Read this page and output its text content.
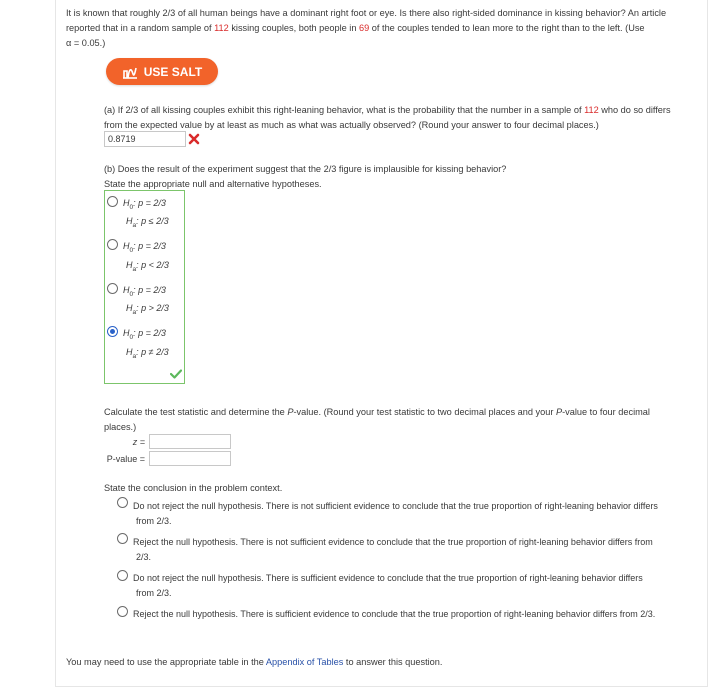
It is known that roughly 2/3 of all human beings have a dominant right foot or eye. Is there also right-sided dominance in kissing behavior? An article reported that in a random sample of 112 kissing couples, both people in 69 of the couples tended to lean more to the right than to the left. (Use
α = 0.05.)
USE SALT
(a) If 2/3 of all kissing couples exhibit this right-leaning behavior, what is the probability that the number in a sample of 112 who do so differs from the expected value by at least as much as what was actually observed? (Round your answer to four decimal places.)
0.8719
(b) Does the result of the experiment suggest that the 2/3 figure is implausible for kissing behavior?
State the appropriate null and alternative hypotheses.
$H_0$: p = 2/3
$H_a$: p ≤ 2/3
$H_0$: p = 2/3
$H_a$: p < 2/3
$H_0$: p = 2/3
$H_a$: p > 2/3
$H_0$: p = 2/3
$H_a$: p ≠ 2/3
Calculate the test statistic and determine the P-value. (Round your test statistic to two decimal places and your P-value to four decimal places.)
z =
P-value =
State the conclusion in the problem context.
Do not reject the null hypothesis. There is not sufficient evidence to conclude that the true proportion of right-leaning behavior differs
from 2/3.
Reject the null hypothesis. There is not sufficient evidence to conclude that the true proportion of right-leaning behavior differs from
2/3.
Do not reject the null hypothesis. There is sufficient evidence to conclude that the true proportion of right-leaning behavior differs
from 2/3.
Reject the null hypothesis. There is sufficient evidence to conclude that the true proportion of right-leaning behavior differs from 2/3.
You may need to use the appropriate table in the Appendix of Tables to answer this question.
